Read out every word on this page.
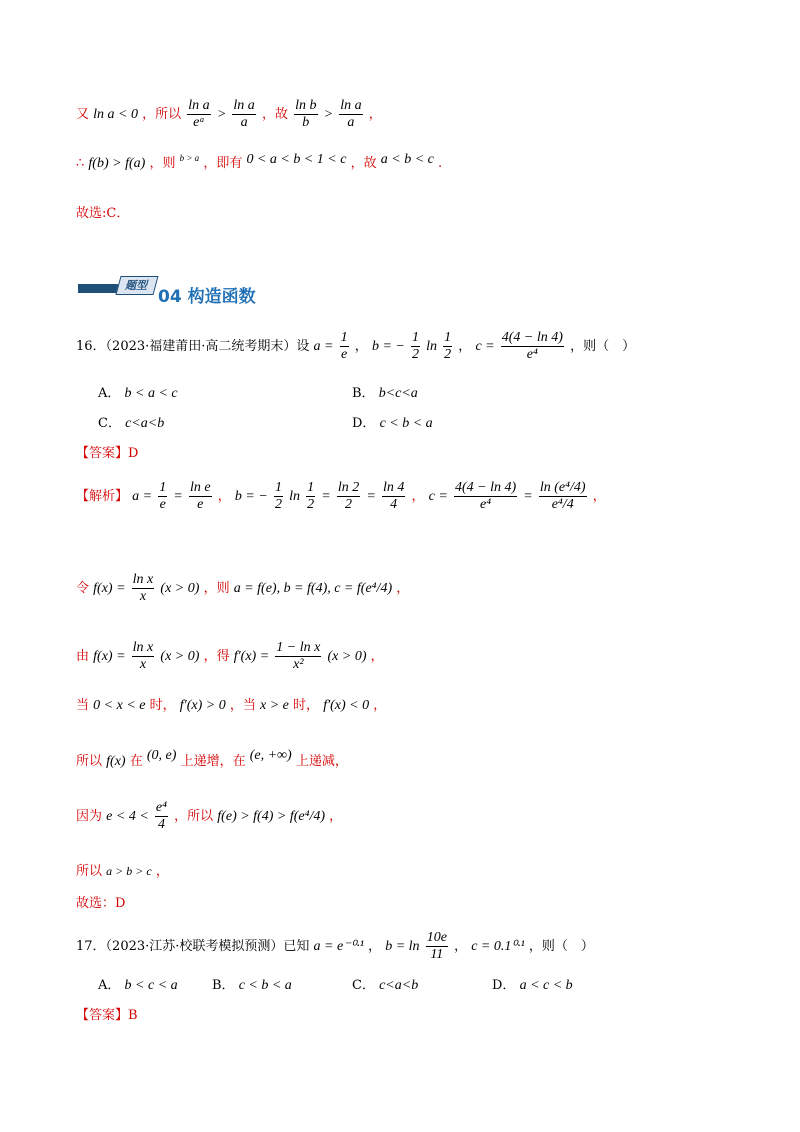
又 ln a < 0 ，所以 $\frac{\text{ln a}}{\text{eᵃ}} > \frac{\text{ln a}}{a}$ ，故 $\frac{\text{ln b}}{b} > \frac{\text{ln a}}{a}$ ，
∴ f(b) > f(a) ，则 $^{b > a}$ ，即有 0 < a < b < 1 < c ，故 a < b < c .
故选:C．
题型
04 构造函数
16．（2023·福建莆田·高二统考期末）设 $a = \frac{1}{e}$ ， b = − $\frac{1}{2}$ $\ln \frac{1}{2}$ ， $c = \frac{4(4 - \ln 4)}{\text{e⁴}}$ ，则（　）
A． b < a < c	B． b<c<a
C． c<a<b	D． c < b < a
【答案】D
【解析】 $a = \frac{1}{e} = \frac{\text{ln e}}{e}$ ， b = − $\frac{1}{2}$ $\ln \frac{1}{2} = \frac{\ln 2}{2} = \frac{\ln 4}{4}$ ， $c = \frac{4(4 - \ln 4)}{\text{e⁴}} = \frac{\text{ln (e⁴/4)}}{\text{e⁴/4}}$ ，
令 $f(x) = \frac{\text{ln x}}{x} (x > 0)$ ，则 a = f(e), b = f(4), c = f(e⁴/4) ，
由 $f(x) = \frac{\text{ln x}}{x} (x > 0)$ ，得 $f'(x) = \frac{\text{1 − ln x}}{\text{x²}} (x > 0)$ ，
当 0 < x < e 时， f′(x) > 0 ，当 x > e 时， f′(x) < 0 ，
所以 f(x) 在 (0, e) 上递增，在 (e, +∞) 上递减，
因为 $e < 4 < \frac{\text{e⁴}}{4}$ ，所以 f(e) > f(4) > f(e⁴/4) ，
所以 a > b > c ，
故选：D
17．（2023·江苏·校联考模拟预测）已知 a = e⁻⁰·¹ ， $b = \ln \frac{10e}{11}$ ， c = 0.1⁰·¹ ，则（　）
A． b < c < a	B． c < b < a	C． c<a<b	D． a < c < b
【答案】B
